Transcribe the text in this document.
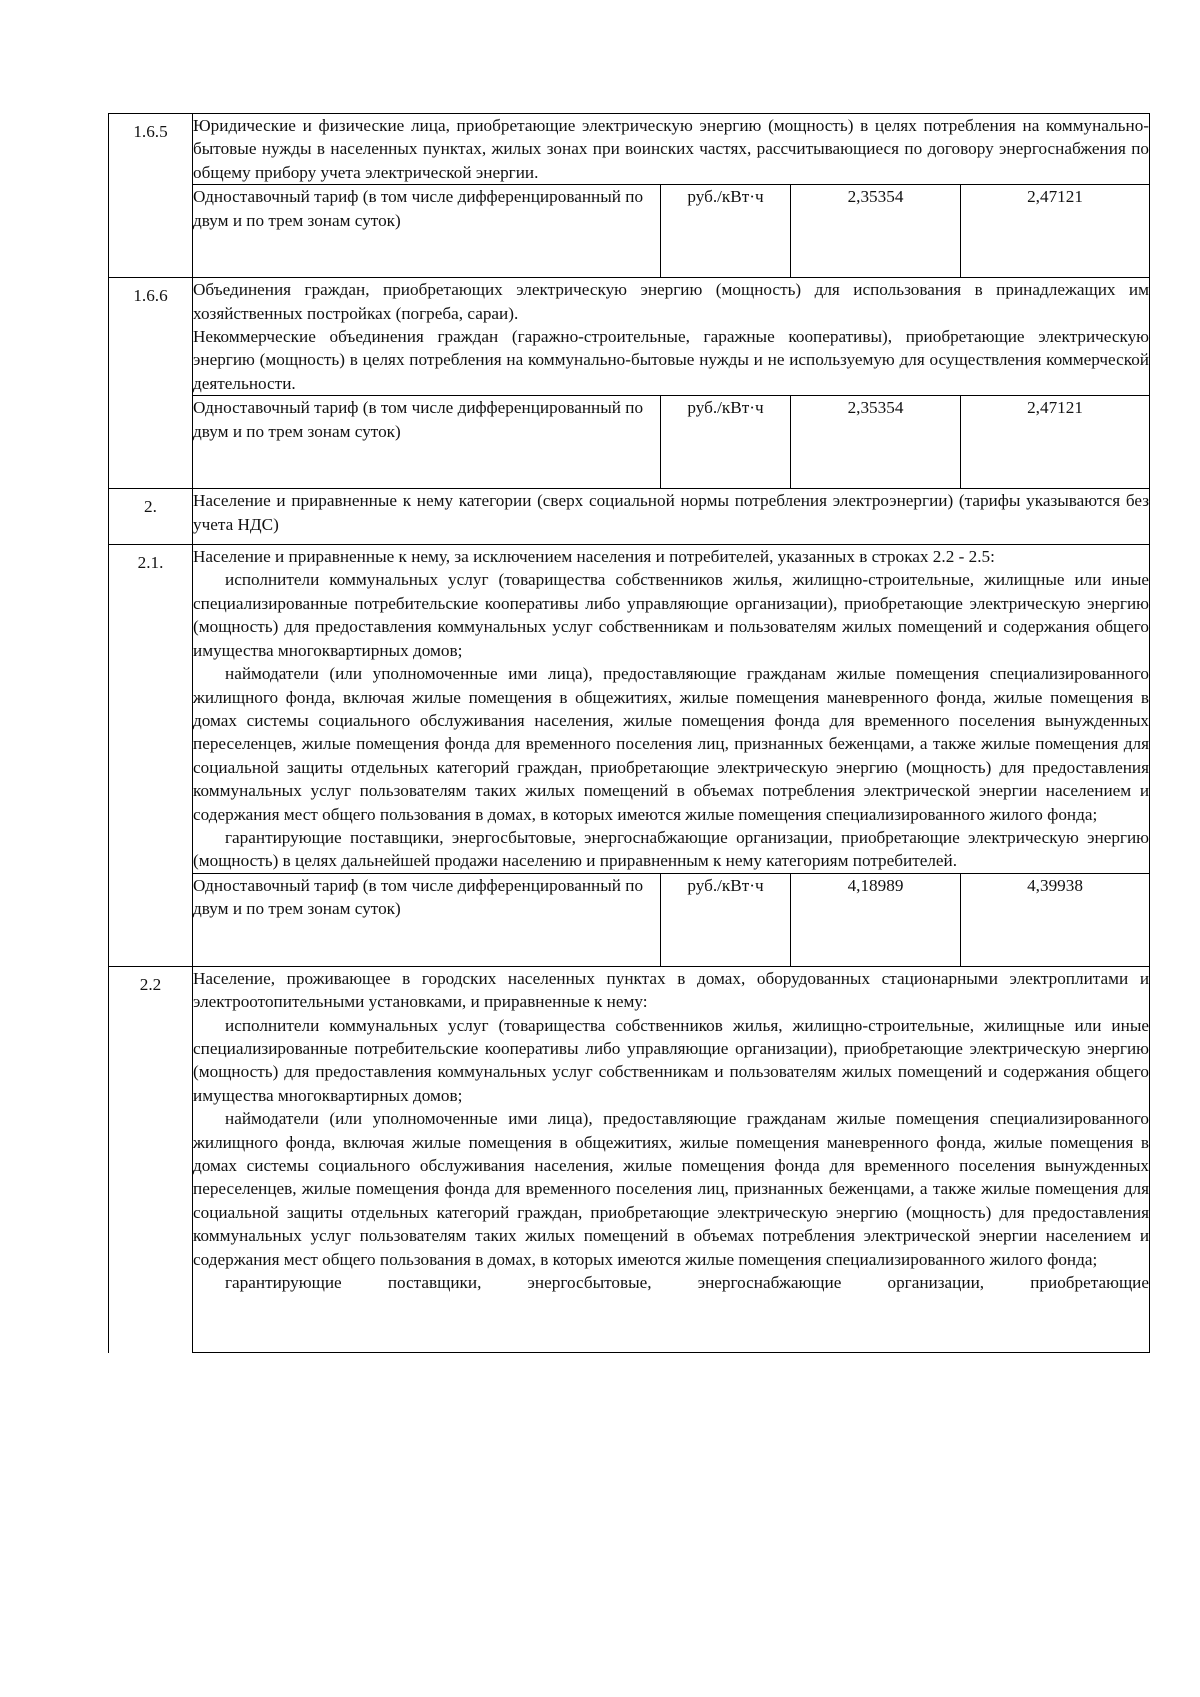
1.6.5	Юридические и физические лица, приобретающие электрическую энергию (мощность) в целях потребления на коммунально-бытовые нужды в населенных пунктах, жилых зонах при воинских частях, рассчитывающиеся по договору энергоснабжения по общему прибору учета электрической энергии.			

	Одноставочный тариф (в том числе дифференцированный по двум и по трем зонам суток)	руб./кВт·ч	2,35354	2,47121
1.6.6	Объединения граждан, приобретающих электрическую энергию (мощность) для использования в принадлежащих им хозяйственных постройках (погреба, сараи).
Некоммерческие объединения граждан (гаражно-строительные, гаражные кооперативы), приобретающие электрическую энергию (мощность) в целях потребления на коммунально-бытовые нужды и не используемую для осуществления коммерческой деятельности.			

	Одноставочный тариф (в том числе дифференцированный по двум и по трем зонам суток)	руб./кВт·ч	2,35354	2,47121
2.	Население и приравненные к нему категории (сверх социальной нормы потребления электроэнергии) (тарифы указываются без учета НДС)			

2.1.	Население и приравненные к нему, за исключением населения и потребителей, указанных в строках 2.2 - 2.5:
исполнители коммунальных услуг (товарищества собственников жилья, жилищно-строительные, жилищные или иные специализированные потребительские кооперативы либо управляющие организации), приобретающие электрическую энергию (мощность) для предоставления коммунальных услуг собственникам и пользователям жилых помещений и содержания общего имущества многоквартирных домов;
наймодатели (или уполномоченные ими лица), предоставляющие гражданам жилые помещения специализированного жилищного фонда, включая жилые помещения в общежитиях, жилые помещения маневренного фонда, жилые помещения в домах системы социального обслуживания населения, жилые помещения фонда для временного поселения вынужденных переселенцев, жилые помещения фонда для временного поселения лиц, признанных беженцами, а также жилые помещения для социальной защиты отдельных категорий граждан, приобретающие электрическую энергию (мощность) для предоставления коммунальных услуг пользователям таких жилых помещений в объемах потребления электрической энергии населением и содержания мест общего пользования в домах, в которых имеются жилые помещения специализированного жилого фонда;
гарантирующие поставщики, энергосбытовые, энергоснабжающие организации, приобретающие электрическую энергию (мощность) в целях дальнейшей продажи населению и приравненным к нему категориям потребителей.			

	Одноставочный тариф (в том числе дифференцированный по двум и по трем зонам суток)	руб./кВт·ч	4,18989	4,39938
2.2	Население, проживающее в городских населенных пунктах в домах, оборудованных стационарными электроплитами и электроотопительными установками, и приравненные к нему:
исполнители коммунальных услуг (товарищества собственников жилья, жилищно-строительные, жилищные или иные специализированные потребительские кооперативы либо управляющие организации), приобретающие электрическую энергию (мощность) для предоставления коммунальных услуг собственникам и пользователям жилых помещений и содержания общего имущества многоквартирных домов;
наймодатели (или уполномоченные ими лица), предоставляющие гражданам жилые помещения специализированного жилищного фонда, включая жилые помещения в общежитиях, жилые помещения маневренного фонда, жилые помещения в домах системы социального обслуживания населения, жилые помещения фонда для временного поселения вынужденных переселенцев, жилые помещения фонда для временного поселения лиц, признанных беженцами, а также жилые помещения для социальной защиты отдельных категорий граждан, приобретающие электрическую энергию (мощность) для предоставления коммунальных услуг пользователям таких жилых помещений в объемах потребления электрической энергии населением и содержания мест общего пользования в домах, в которых имеются жилые помещения специализированного жилого фонда;
гарантирующие поставщики, энергосбытовые, энергоснабжающие организации, приобретающие			
